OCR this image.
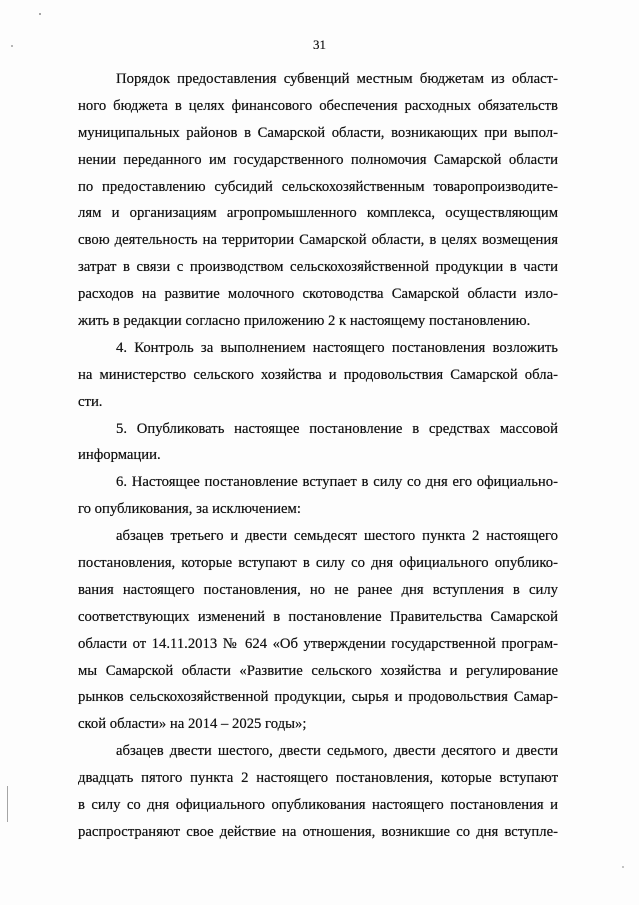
31
Порядок предоставления субвенций местным бюджетам из област-
ного бюджета в целях финансового обеспечения расходных обязательств
муниципальных районов в Самарской области, возникающих при выпол-
нении переданного им государственного полномочия Самарской области
по предоставлению субсидий сельскохозяйственным товаропроизводите-
лям и организациям агропромышленного комплекса, осуществляющим
свою деятельность на территории Самарской области, в целях возмещения
затрат в связи с производством сельскохозяйственной продукции в части
расходов на развитие молочного скотоводства Самарской области изло-
жить в редакции согласно приложению 2 к настоящему постановлению.
4. Контроль за выполнением настоящего постановления возложить
на министерство сельского хозяйства и продовольствия Самарской обла-
сти.
5. Опубликовать настоящее постановление в средствах массовой
информации.
6. Настоящее постановление вступает в силу со дня его официально-
го опубликования, за исключением:
абзацев третьего и двести семьдесят шестого пункта 2 настоящего
постановления, которые вступают в силу со дня официального опублико-
вания настоящего постановления, но не ранее дня вступления в силу
соответствующих изменений в постановление Правительства Самарской
области от 14.11.2013 № 624 «Об утверждении государственной програм-
мы Самарской области «Развитие сельского хозяйства и регулирование
рынков сельскохозяйственной продукции, сырья и продовольствия Самар-
ской области» на 2014 – 2025 годы»;
абзацев двести шестого, двести седьмого, двести десятого и двести
двадцать пятого пункта 2 настоящего постановления, которые вступают
в силу со дня официального опубликования настоящего постановления и
распространяют свое действие на отношения, возникшие со дня вступле-
